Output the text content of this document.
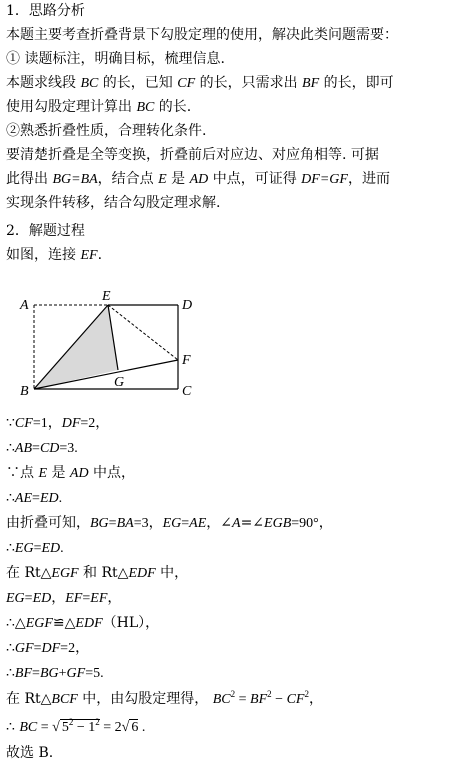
1．思路分析
本题主要考查折叠背景下勾股定理的使用，解决此类问题需要：
① 读题标注，明确目标，梳理信息.
本题求线段 BC 的长，已知 CF 的长，只需求出 BF 的长，即可
使用勾股定理计算出 BC 的长.
②熟悉折叠性质，合理转化条件.
要清楚折叠是全等变换，折叠前后对应边、对应角相等. 可据
此得出 BG=BA，结合点 E 是 AD 中点，可证得 DF=GF，进而
实现条件转移，结合勾股定理求解.
2．解题过程
如图，连接 EF.
A
E
D
F
B
G
C
∵CF=1，DF=2，
∴AB=CD=3.
∵点 E 是 AD 中点，
∴AE=ED.
由折叠可知，BG=BA=3，EG=AE，∠A=∠EGB=90°，
∴EG=ED.
在 Rt△EGF 和 Rt△EDF 中，
EG=ED，EF=EF，
∴△EGF≌△EDF（HL），
∴GF=DF=2，
∴BF=BG+GF=5.
在 Rt△BCF 中，由勾股定理得， $BC^2 = BF^2 - CF^2$，
∴ BC = √ $5^2 - 1^2 = 2√$ 6 .
故选 B.
